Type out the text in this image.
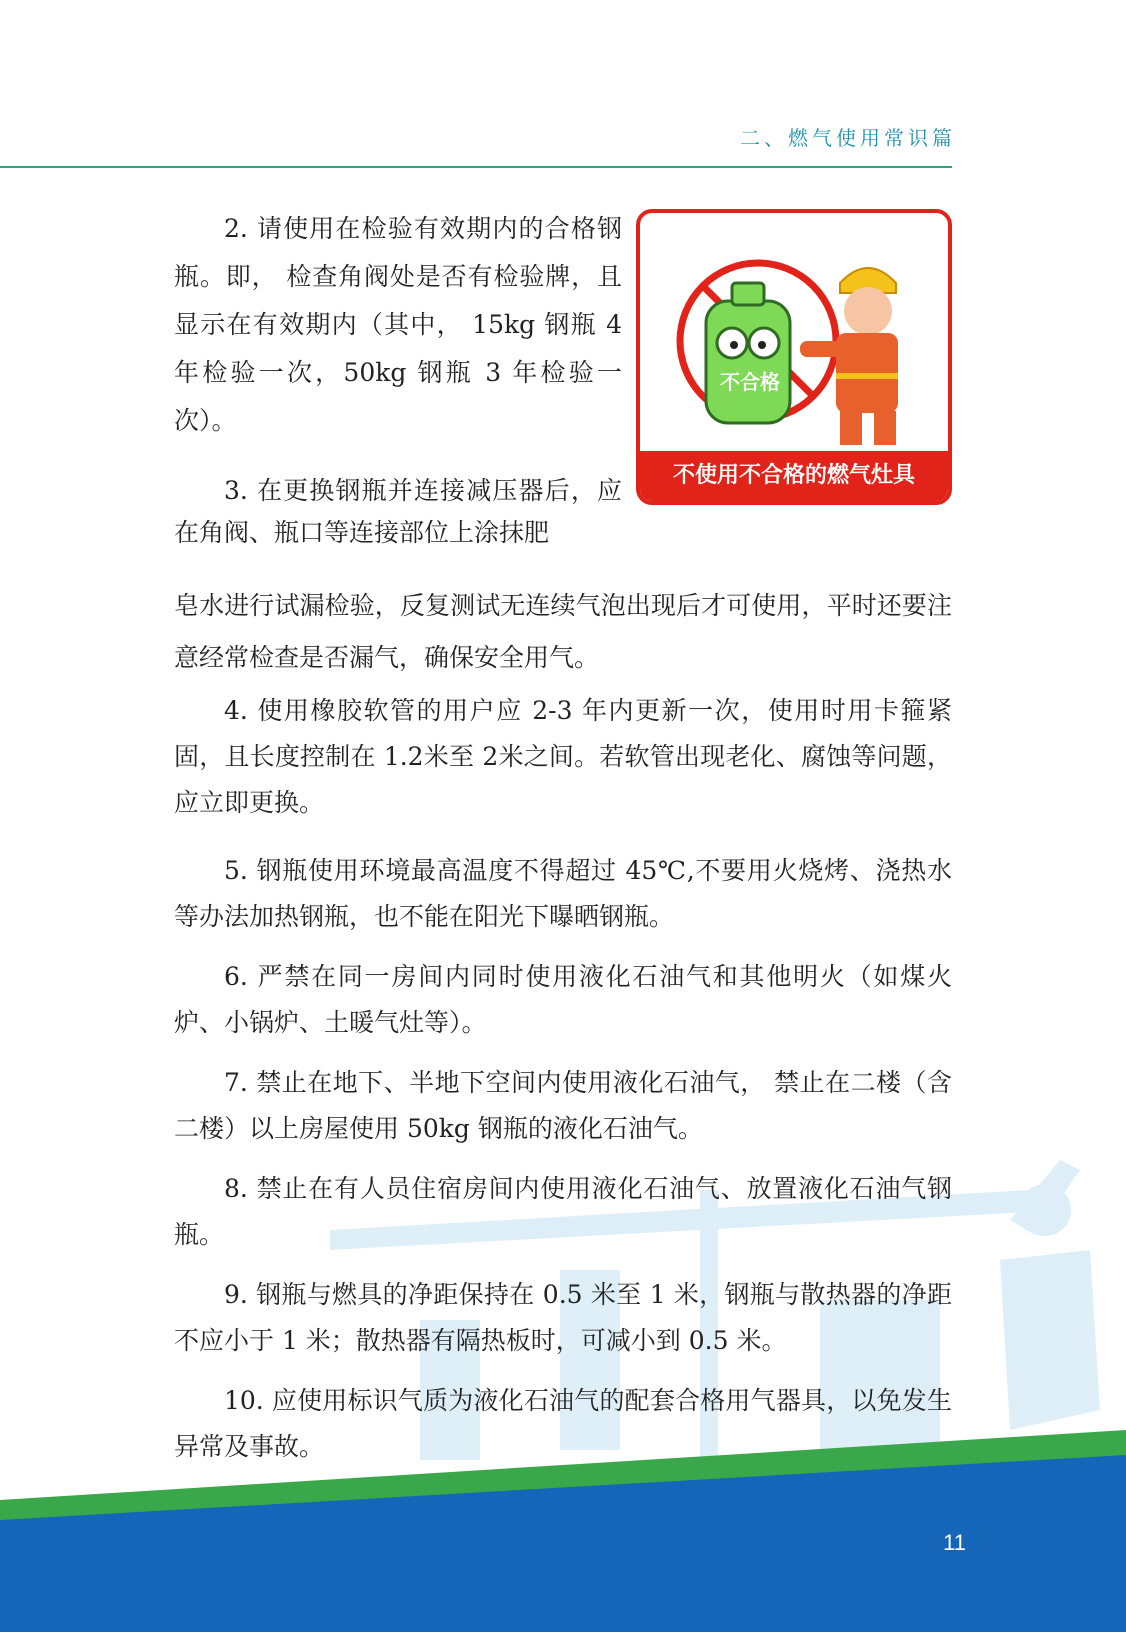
二、燃气使用常识篇
11
不合格
不使用不合格的燃气灶具

2. 请使用在检验有效期内的合格钢瓶。即， 检查角阀处是否有检验牌，且显示在有效期内（其中， 15kg 钢瓶 4 年检验一次，50kg 钢瓶 3 年检验一次）。

3. 在更换钢瓶并连接减压器后，应在角阀、瓶口等连接部位上涂抹肥

皂水进行试漏检验，反复测试无连续气泡出现后才可使用，平时还要注意经常检查是否漏气，确保安全用气。

4. 使用橡胶软管的用户应 2-3 年内更新一次，使用时用卡箍紧固，且长度控制在 1.2米至 2米之间。若软管出现老化、腐蚀等问题，应立即更换。

5. 钢瓶使用环境最高温度不得超过 45℃,不要用火烧烤、浇热水等办法加热钢瓶，也不能在阳光下曝晒钢瓶。

6. 严禁在同一房间内同时使用液化石油气和其他明火（如煤火炉、小锅炉、土暖气灶等）。

7. 禁止在地下、半地下空间内使用液化石油气， 禁止在二楼（含二楼）以上房屋使用 50kg 钢瓶的液化石油气。

8. 禁止在有人员住宿房间内使用液化石油气、放置液化石油气钢瓶。

9. 钢瓶与燃具的净距保持在 0.5 米至 1 米，钢瓶与散热器的净距不应小于 1 米；散热器有隔热板时，可减小到 0.5 米。

10. 应使用标识气质为液化石油气的配套合格用气器具，以免发生异常及事故。
